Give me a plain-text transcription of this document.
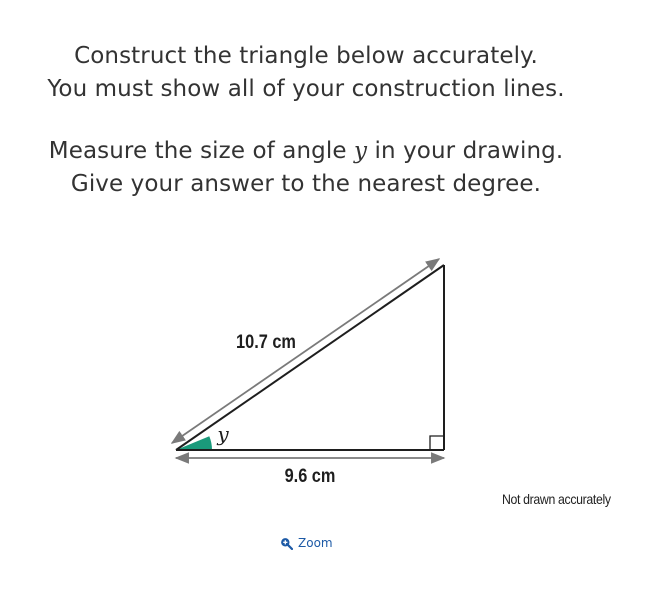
Construct the triangle below accurately.
You must show all of your construction lines.
Measure the size of angle y in your drawing.
Give your answer to the nearest degree.
10.7 cm
9.6 cm
y
Not drawn accurately
Zoom
